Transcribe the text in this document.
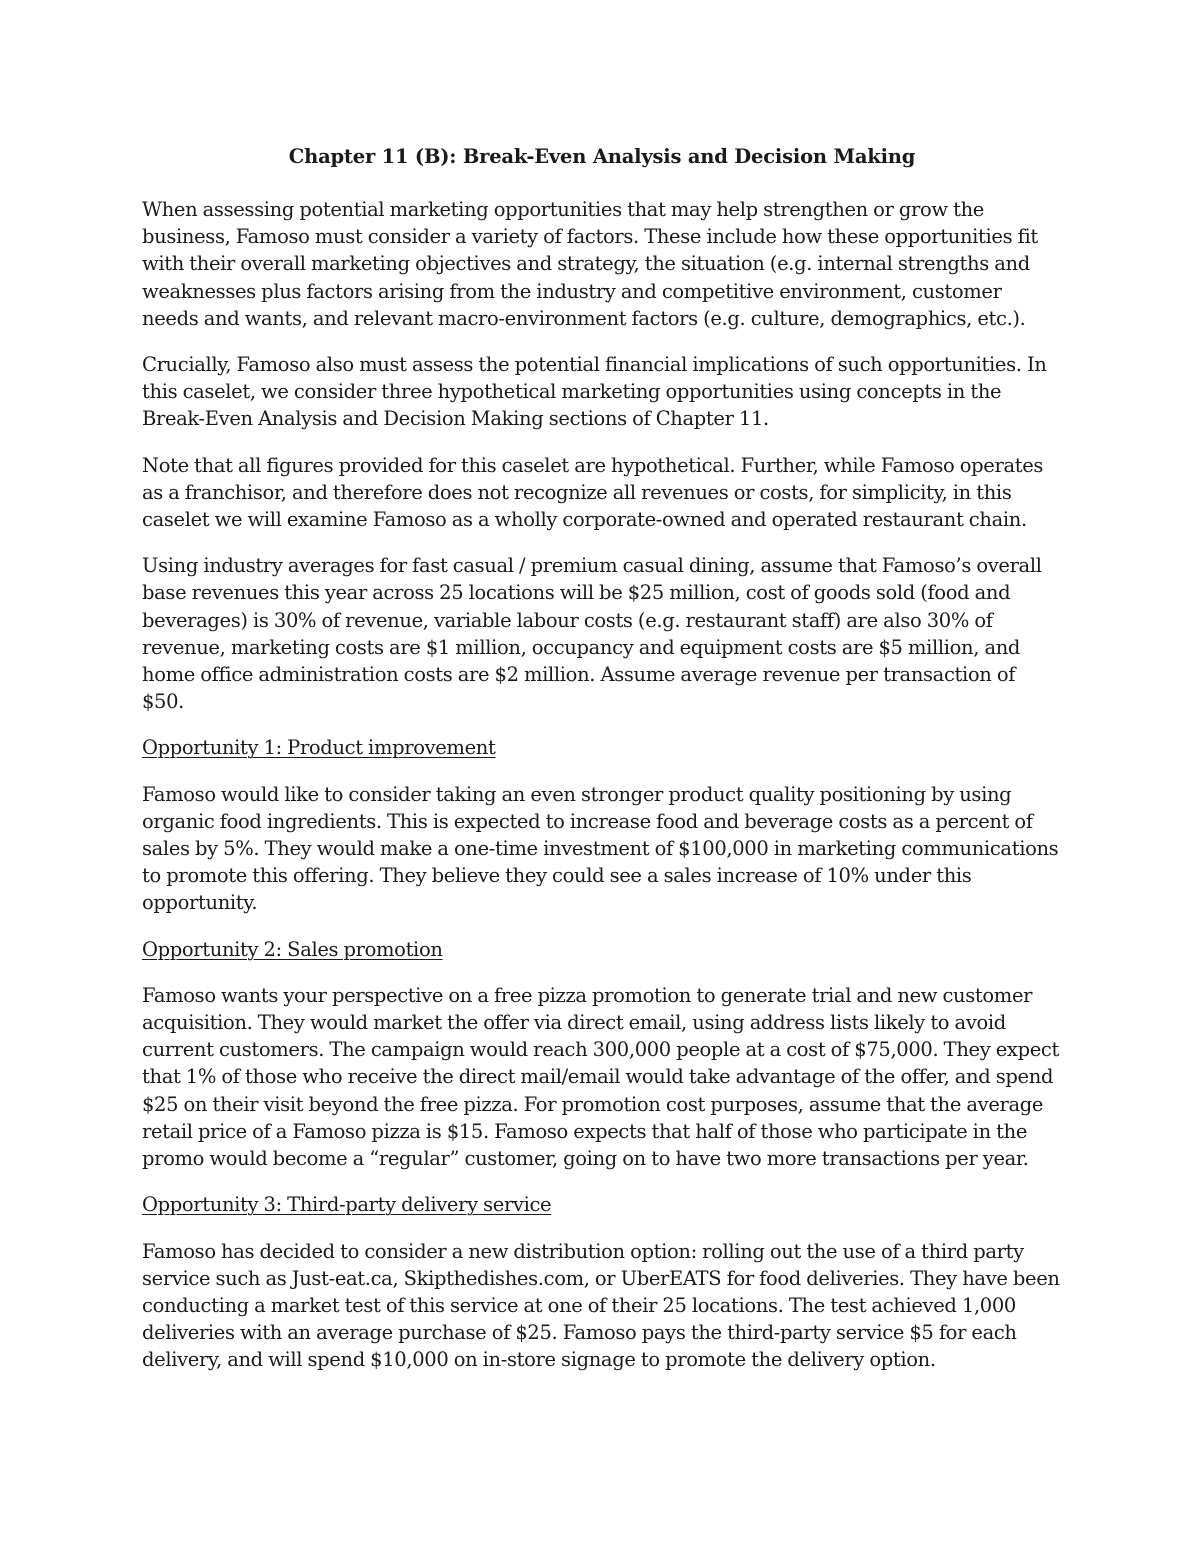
Chapter 11 (B): Break-Even Analysis and Decision Making

When assessing potential marketing opportunities that may help strengthen or grow the business, Famoso must consider a variety of factors. These include how these opportunities fit with their overall marketing objectives and strategy, the situation (e.g. internal strengths and weaknesses plus factors arising from the industry and competitive environment, customer needs and wants, and relevant macro-environment factors (e.g. culture, demographics, etc.).

Crucially, Famoso also must assess the potential financial implications of such opportunities. In this caselet, we consider three hypothetical marketing opportunities using concepts in the Break-Even Analysis and Decision Making sections of Chapter 11.

Note that all figures provided for this caselet are hypothetical. Further, while Famoso operates as a franchisor, and therefore does not recognize all revenues or costs, for simplicity, in this caselet we will examine Famoso as a wholly corporate-owned and operated restaurant chain.

Using industry averages for fast casual / premium casual dining, assume that Famoso’s overall base revenues this year across 25 locations will be $25 million, cost of goods sold (food and beverages) is 30% of revenue, variable labour costs (e.g. restaurant staff) are also 30% of revenue, marketing costs are $1 million, occupancy and equipment costs are $5 million, and home office administration costs are $2 million. Assume average revenue per transaction of $50.

Opportunity 1: Product improvement

Famoso would like to consider taking an even stronger product quality positioning by using organic food ingredients. This is expected to increase food and beverage costs as a percent of sales by 5%. They would make a one-time investment of $100,000 in marketing communications to promote this offering. They believe they could see a sales increase of 10% under this opportunity.

Opportunity 2: Sales promotion

Famoso wants your perspective on a free pizza promotion to generate trial and new customer acquisition. They would market the offer via direct email, using address lists likely to avoid current customers. The campaign would reach 300,000 people at a cost of $75,000. They expect that 1% of those who receive the direct mail/email would take advantage of the offer, and spend $25 on their visit beyond the free pizza. For promotion cost purposes, assume that the average retail price of a Famoso pizza is $15. Famoso expects that half of those who participate in the promo would become a “regular” customer, going on to have two more transactions per year.

Opportunity 3: Third-party delivery service

Famoso has decided to consider a new distribution option: rolling out the use of a third party service such as Just-eat.ca, Skipthedishes.com, or UberEATS for food deliveries. They have been conducting a market test of this service at one of their 25 locations. The test achieved 1,000 deliveries with an average purchase of $25. Famoso pays the third-party service $5 for each delivery, and will spend $10,000 on in-store signage to promote the delivery option.
